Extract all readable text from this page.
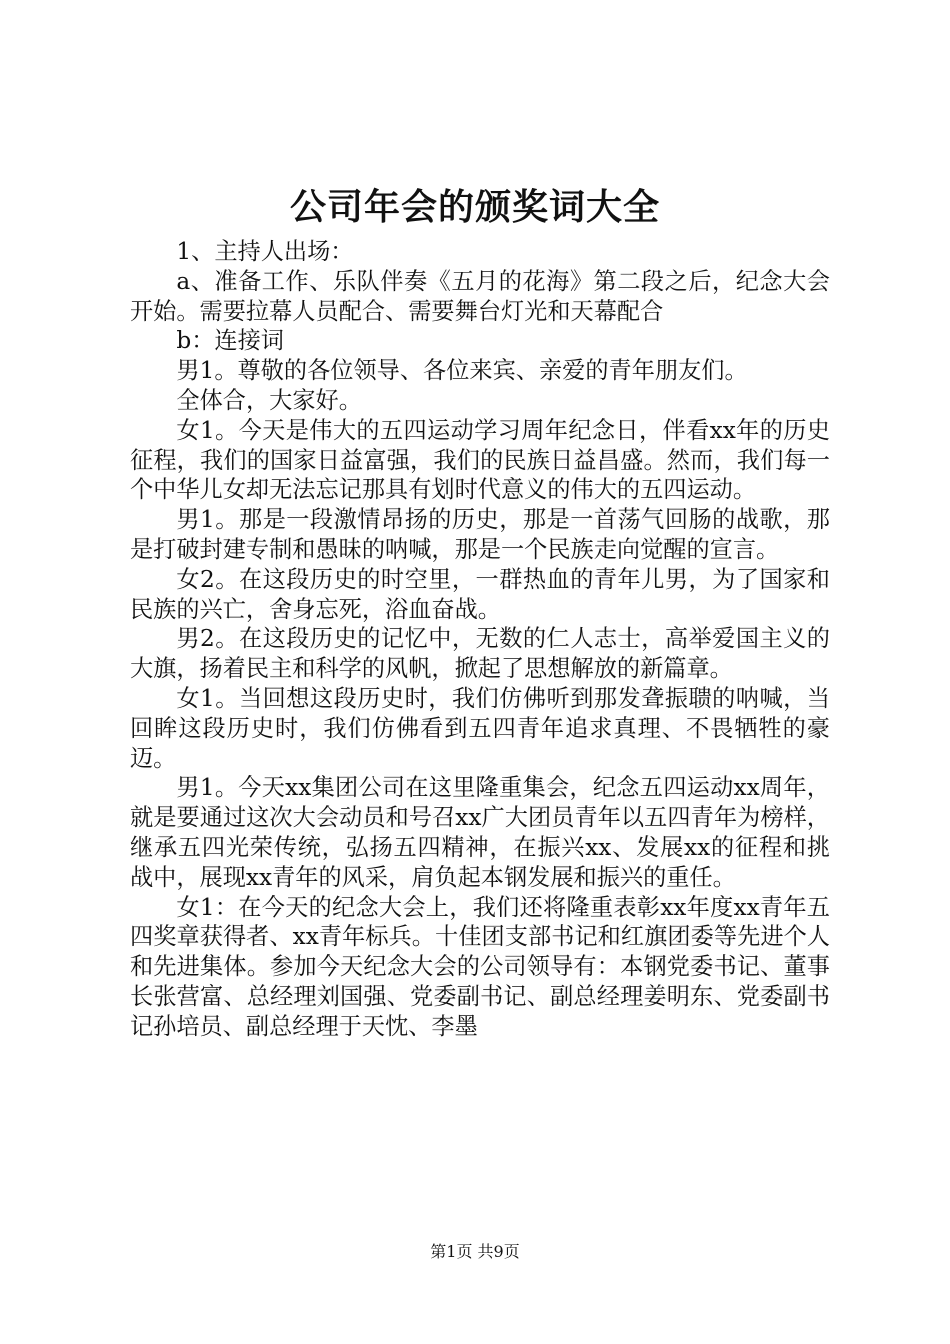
公司年会的颁奖词大全

1、主持人出场：

a、准备工作、乐队伴奏《五月的花海》第二段之后，纪念大会开始。需要拉幕人员配合、需要舞台灯光和天幕配合

b：连接词

男1。尊敬的各位领导、各位来宾、亲爱的青年朋友们。

全体合，大家好。

女1。今天是伟大的五四运动学习周年纪念日，伴看xx年的历史征程，我们的国家日益富强，我们的民族日益昌盛。然而，我们每一个中华儿女却无法忘记那具有划时代意义的伟大的五四运动。

男1。那是一段激情昂扬的历史，那是一首荡气回肠的战歌，那是打破封建专制和愚昧的呐喊，那是一个民族走向觉醒的宣言。

女2。在这段历史的时空里，一群热血的青年儿男，为了国家和民族的兴亡，舍身忘死，浴血奋战。

男2。在这段历史的记忆中，无数的仁人志士，高举爱国主义的大旗，扬着民主和科学的风帆，掀起了思想解放的新篇章。

女1。当回想这段历史时，我们仿佛听到那发聋振聩的呐喊，当回眸这段历史时，我们仿佛看到五四青年追求真理、不畏牺牲的豪迈。

男1。今天xx集团公司在这里隆重集会，纪念五四运动xx周年，就是要通过这次大会动员和号召xx广大团员青年以五四青年为榜样，继承五四光荣传统，弘扬五四精神，在振兴xx、发展xx的征程和挑战中，展现xx青年的风采，肩负起本钢发展和振兴的重任。

女1：在今天的纪念大会上，我们还将隆重表彰xx年度xx青年五四奖章获得者、xx青年标兵。十佳团支部书记和红旗团委等先进个人和先进集体。参加今天纪念大会的公司领导有：本钢党委书记、董事长张营富、总经理刘国强、党委副书记、副总经理姜明东、党委副书记孙培员、副总经理于天忱、李墨

第1页 共9页
